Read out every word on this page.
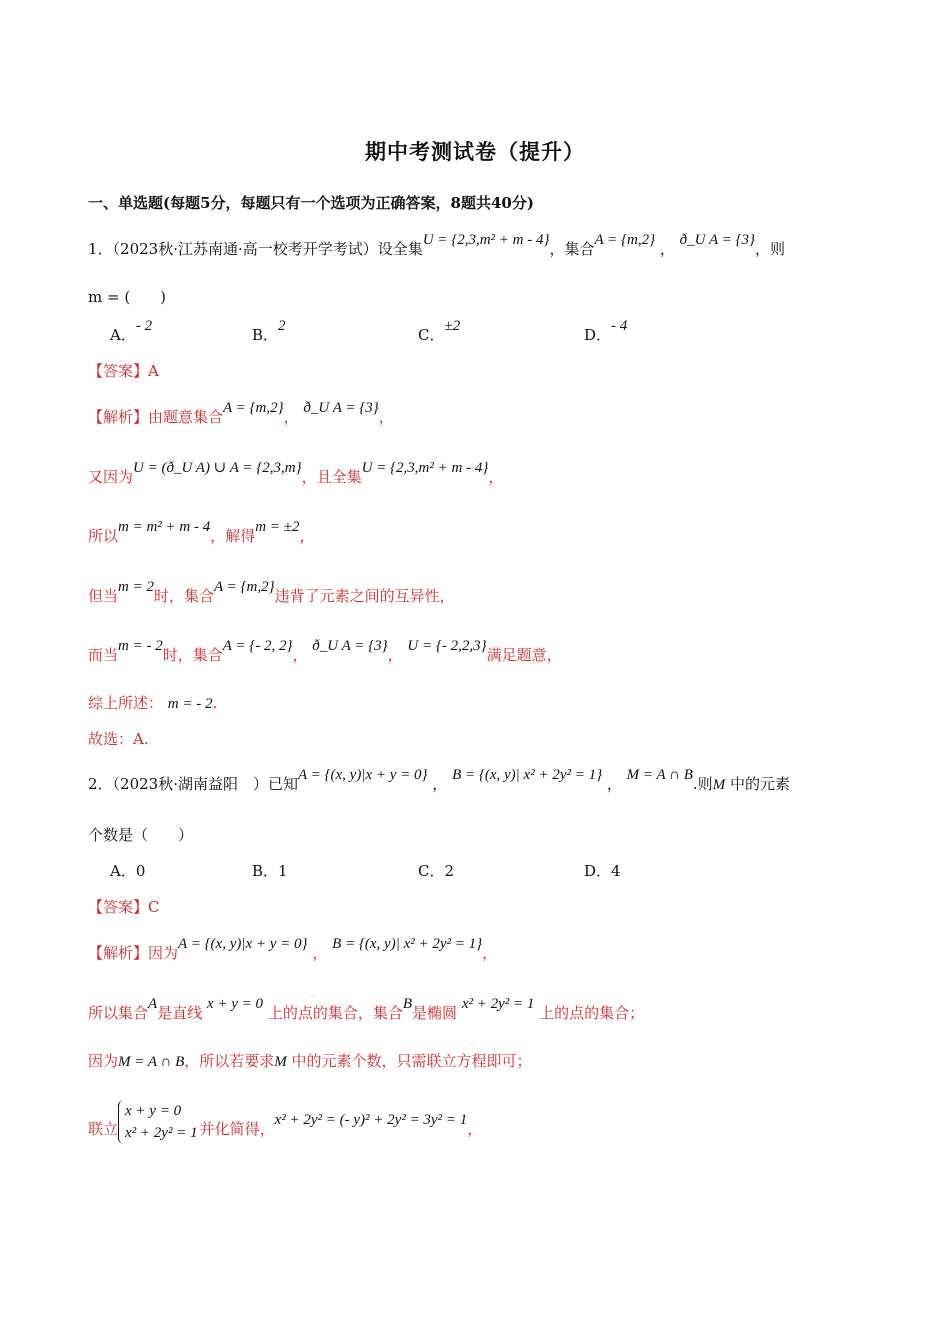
期中考测试卷（提升）
一、单选题(每题5分，每题只有一个选项为正确答案，8题共40分)
1．（2023秋·江苏南通·高一校考开学考试）设全集U = {2,3,m² + m - 4}，集合A = {m,2} ， ð_U A = {3}，则
m = (　　)
A．- 2	B．2	C．±2	D．- 4
【答案】A
【解析】由题意集合A = {m,2}， ð_U A = {3}，
又因为U = (ð_U A) ∪ A = {2,3,m}，且全集U = {2,3,m² + m - 4}，
所以m = m² + m - 4，解得m = ±2，
但当m = 2时，集合A = {m,2}违背了元素之间的互异性，
而当m = - 2时，集合A = {- 2, 2}， ð_U A = {3}， U = {- 2,2,3}满足题意，
综上所述： m = - 2.
故选：A.
2．（2023秋·湖南益阳　）已知A = {(x, y)|x + y = 0} ， B = {(x, y)| x² + 2y² = 1} ， M = A ∩ B.则M 中的元素
个数是（　　）
A．0	B．1	C．2	D．4
【答案】C
【解析】因为A = {(x, y)|x + y = 0} ， B = {(x, y)| x² + 2y² = 1}，
所以集合A是直线 x + y = 0 上的点的集合，集合B是椭圆 x² + 2y² = 1 上的点的集合；
因为M = A ∩ B，所以若要求M 中的元素个数，只需联立方程即可；
联立
x + y = 0
x² + 2y² = 1 并化简得，x² + 2y² = (- y)² + 2y² = 3y² = 1，
